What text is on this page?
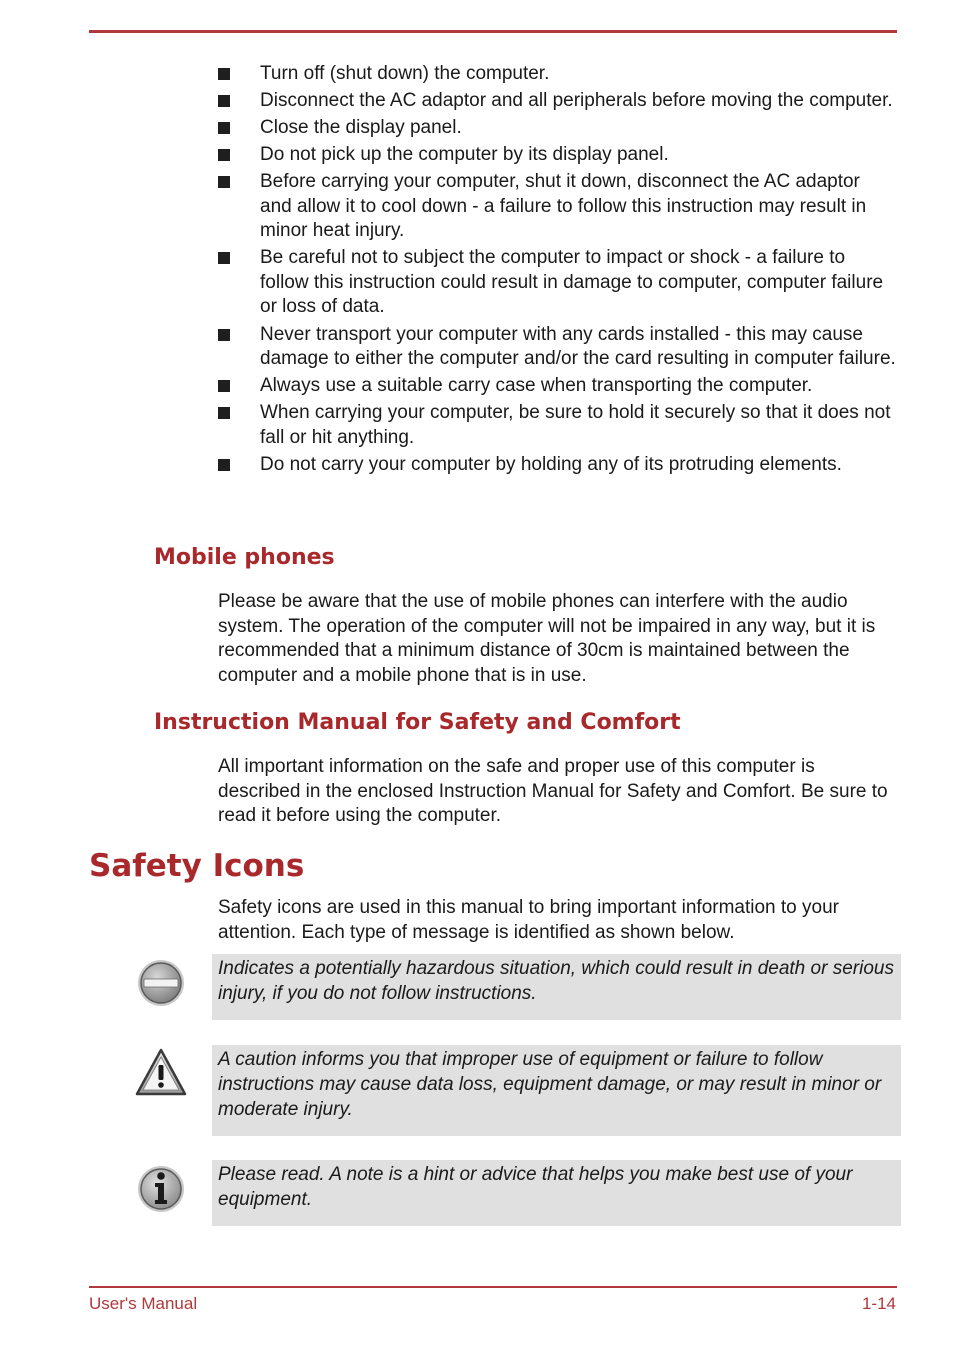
Turn off (shut down) the computer.
Disconnect the AC adaptor and all peripherals before moving the computer.
Close the display panel.
Do not pick up the computer by its display panel.
Before carrying your computer, shut it down, disconnect the AC adaptor and allow it to cool down - a failure to follow this instruction may result in minor heat injury.
Be careful not to subject the computer to impact or shock - a failure to follow this instruction could result in damage to computer, computer failure or loss of data.
Never transport your computer with any cards installed - this may cause damage to either the computer and/or the card resulting in computer failure.
Always use a suitable carry case when transporting the computer.
When carrying your computer, be sure to hold it securely so that it does not fall or hit anything.
Do not carry your computer by holding any of its protruding elements.
Mobile phones

Please be aware that the use of mobile phones can interfere with the audio system. The operation of the computer will not be impaired in any way, but it is recommended that a minimum distance of 30cm is maintained between the computer and a mobile phone that is in use.

Instruction Manual for Safety and Comfort

All important information on the safe and proper use of this computer is described in the enclosed Instruction Manual for Safety and Comfort. Be sure to read it before using the computer.

Safety Icons

Safety icons are used in this manual to bring important information to your attention. Each type of message is identified as shown below.

Indicates a potentially hazardous situation, which could result in death or serious injury, if you do not follow instructions.
A caution informs you that improper use of equipment or failure to follow instructions may cause data loss, equipment damage, or may result in minor or moderate injury.
Please read. A note is a hint or advice that helps you make best use of your equipment.
User's Manual	1-14
